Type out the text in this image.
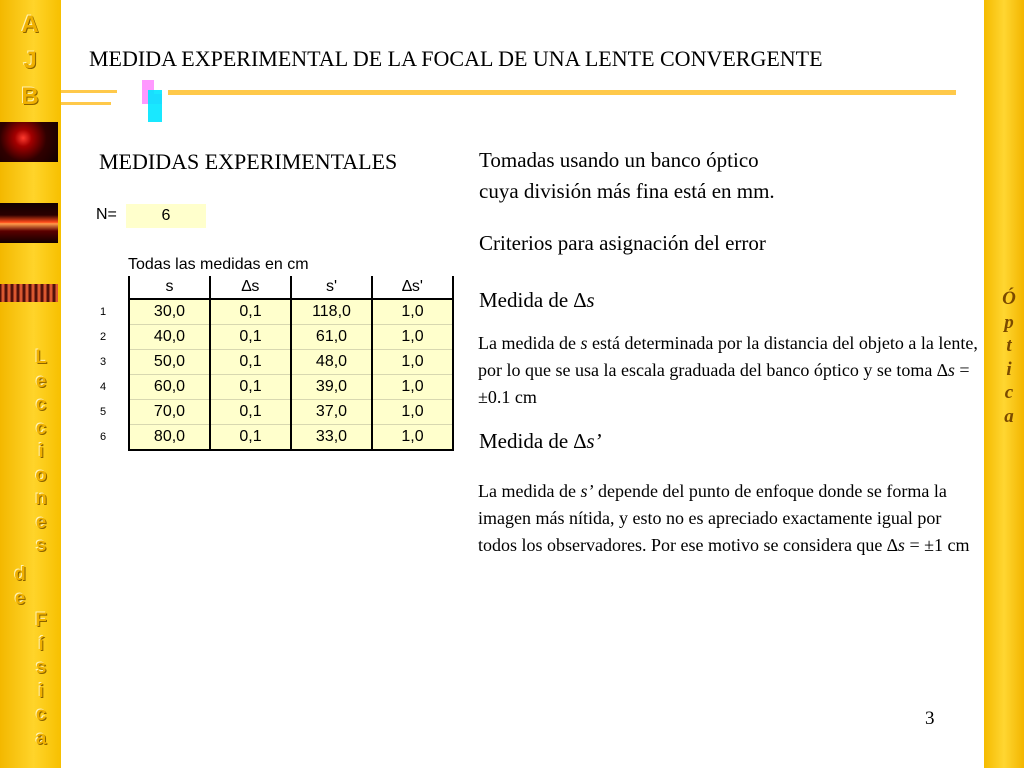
A
J
B
L
e
c
c
i
o
n
e
s
d
e
F
í
s
i
c
a
Ó
p
t
i
c
a
MEDIDA EXPERIMENTAL DE LA FOCAL DE UNA LENTE CONVERGENTE
MEDIDAS EXPERIMENTALES
N=	6
Todas las medidas en cm
	s	∆s	s'	∆s'
1	30,0	0,1	118,0	1,0
2	40,0	0,1	61,0	1,0
3	50,0	0,1	48,0	1,0
4	60,0	0,1	39,0	1,0
5	70,0	0,1	37,0	1,0
6	80,0	0,1	33,0	1,0
Tomadas usando un banco óptico
cuya división más fina está en mm.
Criterios para asignación del error
Medida de ∆s
La medida de s está determinada por la distancia del objeto a la lente, por lo que se usa la escala graduada del banco óptico y se toma ∆s = ±0.1 cm
Medida de ∆s’
La medida de s’ depende del punto de enfoque donde se forma la imagen más nítida, y esto no es apreciado exactamente igual por todos los observadores. Por ese motivo se considera que ∆s = ±1 cm
3
